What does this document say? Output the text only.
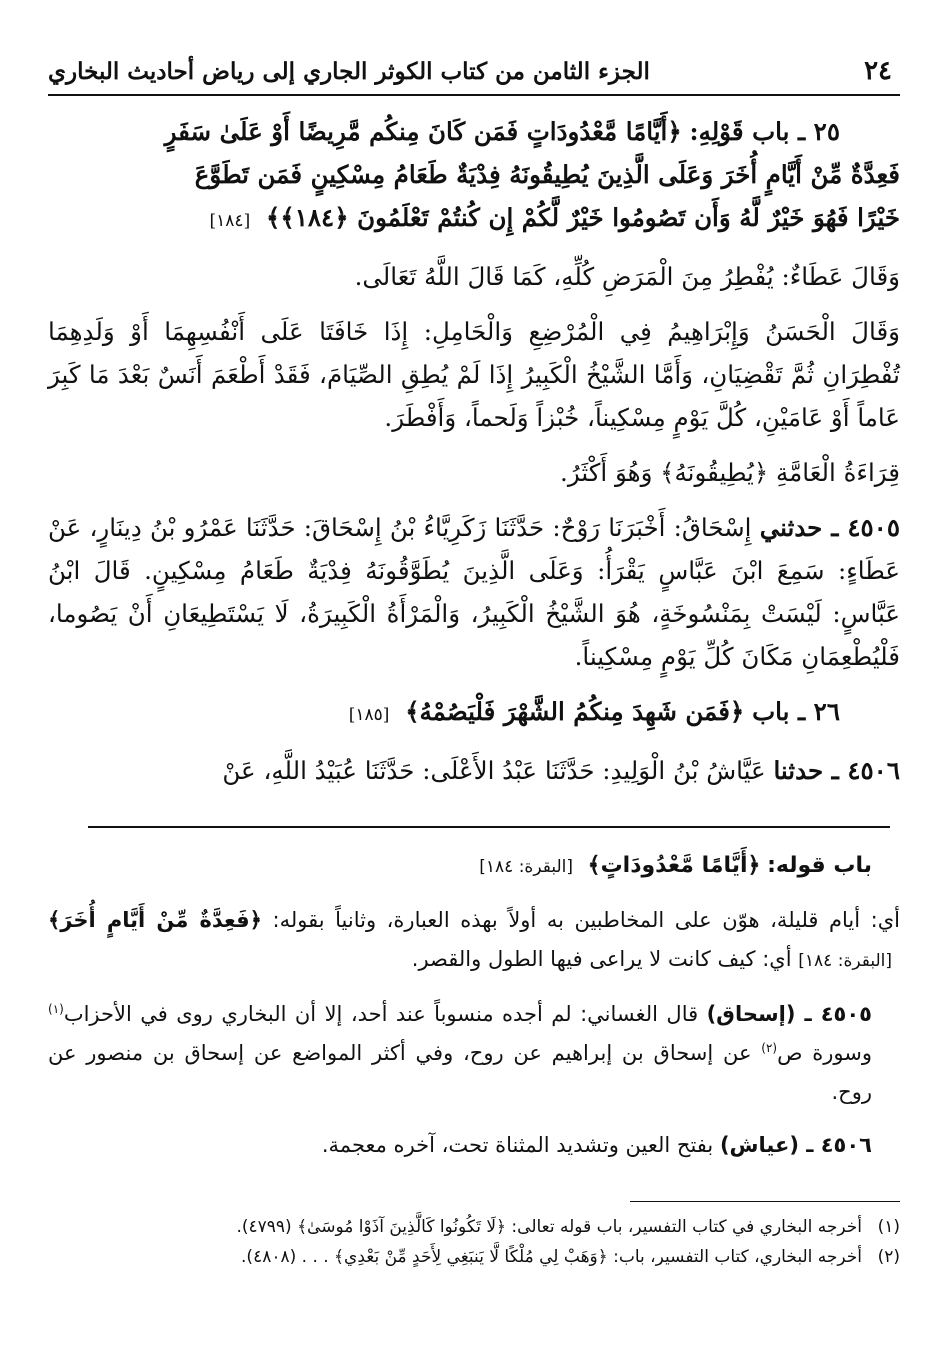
٢٤
الجزء الثامن من كتاب الكوثر الجاري إلى رياض أحاديث البخاري

٢٥ ـ باب قَوْلِهِ: ﴿أَيَّامًا مَّعْدُودَاتٍ فَمَن كَانَ مِنكُم مَّرِيضًا أَوْ عَلَىٰ سَفَرٍ

فَعِدَّةٌ مِّنْ أَيَّامٍ أُخَرَ وَعَلَى الَّذِينَ يُطِيقُونَهُ فِدْيَةٌ طَعَامُ مِسْكِينٍ فَمَن تَطَوَّعَ

خَيْرًا فَهُوَ خَيْرٌ لَّهُ وَأَن تَصُومُوا خَيْرٌ لَّكُمْ إِن كُنتُمْ تَعْلَمُونَ ﴿١٨٤﴾﴾ [١٨٤]

وَقَالَ عَطَاءٌ: يُفْطِرُ مِنَ الْمَرَضِ كُلِّهِ، كَمَا قَالَ اللَّهُ تَعَالَى.

وَقَالَ الْحَسَنُ وَإِبْرَاهِيمُ فِي الْمُرْضِعِ وَالْحَامِلِ: إِذَا خَافَتَا عَلَى أَنْفُسِهِمَا أَوْ وَلَدِهِمَا تُفْطِرَانِ ثُمَّ تَقْضِيَانِ، وَأَمَّا الشَّيْخُ الْكَبِيرُ إِذَا لَمْ يُطِقِ الصِّيَامَ، فَقَدْ أَطْعَمَ أَنَسٌ بَعْدَ مَا كَبِرَ عَاماً أَوْ عَامَيْنِ، كُلَّ يَوْمٍ مِسْكِيناً، خُبْزاً وَلَحماً، وَأَفْطَرَ.

قِرَاءَةُ الْعَامَّةِ ﴿يُطِيقُونَهُ﴾ وَهُوَ أَكْثَرُ.

٤٥٠٥ ـ حدثني إِسْحَاقُ: أَخْبَرَنَا رَوْحٌ: حَدَّثَنَا زَكَرِيَّاءُ بْنُ إِسْحَاقَ: حَدَّثَنَا عَمْرُو بْنُ دِينَارٍ، عَنْ عَطَاءٍ: سَمِعَ ابْنَ عَبَّاسٍ يَقْرَأُ: وَعَلَى الَّذِينَ يُطَوَّقُونَهُ فِدْيَةٌ طَعَامُ مِسْكِينٍ. قَالَ ابْنُ عَبَّاسٍ: لَيْسَتْ بِمَنْسُوخَةٍ، هُوَ الشَّيْخُ الْكَبِيرُ، وَالْمَرْأَةُ الْكَبِيرَةُ، لَا يَسْتَطِيعَانِ أَنْ يَصُوما، فَلْيُطْعِمَانِ مَكَانَ كُلِّ يَوْمٍ مِسْكِيناً.

٢٦ ـ باب ﴿فَمَن شَهِدَ مِنكُمُ الشَّهْرَ فَلْيَصُمْهُ﴾ [١٨٥]

٤٥٠٦ ـ حدثنا عَيَّاشُ بْنُ الْوَلِيدِ: حَدَّثَنَا عَبْدُ الأَعْلَى: حَدَّثَنَا عُبَيْدُ اللَّهِ، عَنْ

باب قوله: ﴿أَيَّامًا مَّعْدُودَاتٍ﴾ [البقرة: ١٨٤]

أي: أيام قليلة، هوّن على المخاطبين به أولاً بهذه العبارة، وثانياً بقوله: ﴿فَعِدَّةٌ مِّنْ أَيَّامٍ أُخَرَ﴾ [البقرة: ١٨٤] أي: كيف كانت لا يراعى فيها الطول والقصر.

٤٥٠٥ ـ (إسحاق) قال الغساني: لم أجده منسوباً عند أحد، إلا أن البخاري روى في الأحزاب$^{(١)}$ وسورة ص$^{(٢)}$ عن إسحاق بن إبراهيم عن روح، وفي أكثر المواضع عن إسحاق بن منصور عن روح.

٤٥٠٦ ـ (عياش) بفتح العين وتشديد المثناة تحت، آخره معجمة.

(١)
أخرجه البخاري في كتاب التفسير، باب قوله تعالى: ﴿لَا تَكُونُوا كَالَّذِينَ آذَوْا مُوسَىٰ﴾ (٤٧٩٩).
(٢)
أخرجه البخاري، كتاب التفسير، باب: ﴿وَهَبْ لِي مُلْكًا لَّا يَنبَغِي لِأَحَدٍ مِّنْ بَعْدِي﴾ . . . (٤٨٠٨).
